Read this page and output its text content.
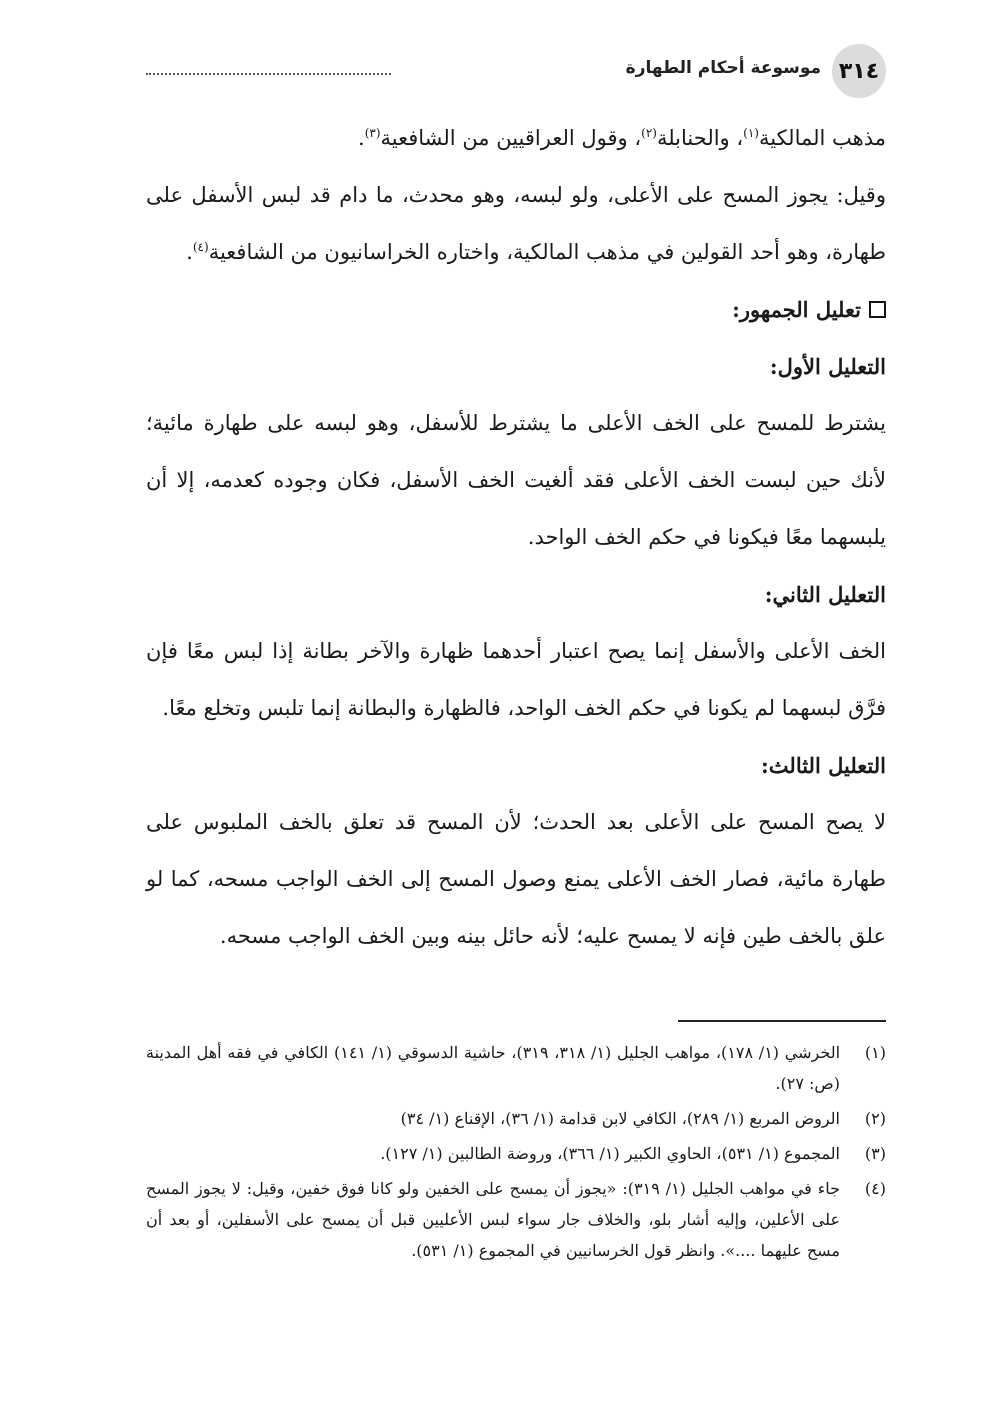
٣١٤
موسوعة أحكام الطهارة

مذهب المالكية$^{(١)}$، والحنابلة$^{(٢)}$، وقول العراقيين من الشافعية$^{(٣)}$.

وقيل: يجوز المسح على الأعلى، ولو لبسه، وهو محدث، ما دام قد لبس الأسفل على طهارة، وهو أحد القولين في مذهب المالكية، واختاره الخراسانيون من الشافعية$^{(٤)}$.

تعليل الجمهور:

التعليل الأول:

يشترط للمسح على الخف الأعلى ما يشترط للأسفل، وهو لبسه على طهارة مائية؛ لأنك حين لبست الخف الأعلى فقد ألغيت الخف الأسفل، فكان وجوده كعدمه، إلا أن يلبسهما معًا فيكونا في حكم الخف الواحد.

التعليل الثاني:

الخف الأعلى والأسفل إنما يصح اعتبار أحدهما ظهارة والآخر بطانة إذا لبس معًا فإن فرَّق لبسهما لم يكونا في حكم الخف الواحد، فالظهارة والبطانة إنما تلبس وتخلع معًا.

التعليل الثالث:

لا يصح المسح على الأعلى بعد الحدث؛ لأن المسح قد تعلق بالخف الملبوس على طهارة مائية، فصار الخف الأعلى يمنع وصول المسح إلى الخف الواجب مسحه، كما لو علق بالخف طين فإنه لا يمسح عليه؛ لأنه حائل بينه وبين الخف الواجب مسحه.

(١)
الخرشي (١/ ١٧٨)، مواهب الجليل (١/ ٣١٨، ٣١٩)، حاشية الدسوقي (١/ ١٤١) الكافي في فقه أهل المدينة (ص: ٢٧).
(٢)
الروض المربع (١/ ٢٨٩)، الكافي لابن قدامة (١/ ٣٦)، الإقناع (١/ ٣٤)
(٣)
المجموع (١/ ٥٣١)، الحاوي الكبير (١/ ٣٦٦)، وروضة الطالبين (١/ ١٢٧).
(٤)
جاء في مواهب الجليل (١/ ٣١٩): «يجوز أن يمسح على الخفين ولو كانا فوق خفين، وقيل: لا يجوز المسح على الأعلين، وإليه أشار بلو، والخلاف جار سواء لبس الأعليين قبل أن يمسح على الأسفلين، أو بعد أن مسح عليهما ....». وانظر قول الخرسانيين في المجموع (١/ ٥٣١).
